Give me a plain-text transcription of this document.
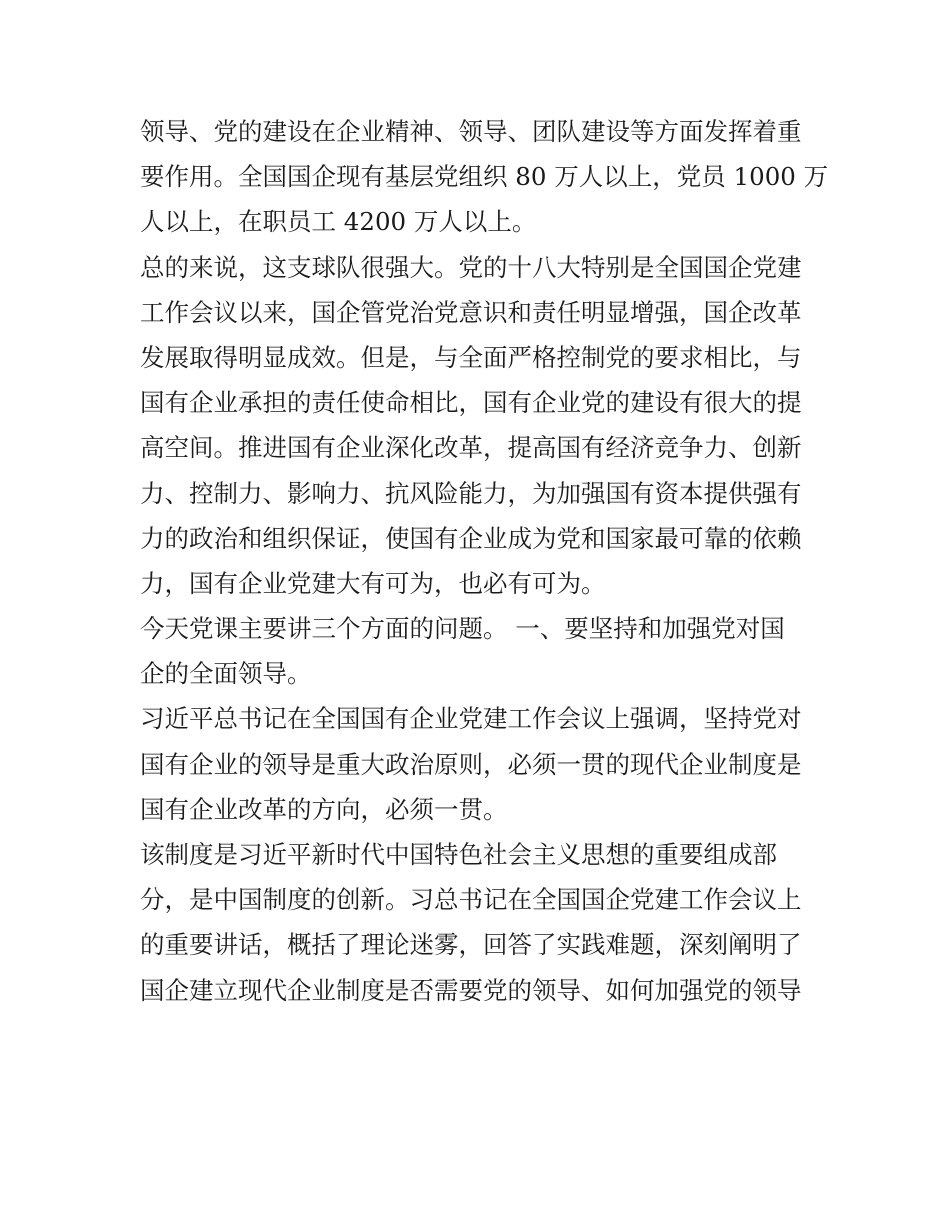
领导、党的建设在企业精神、领导、团队建设等方面发挥着重
要作用。全国国企现有基层党组织 80 万人以上，党员 1000 万
人以上，在职员工 4200 万人以上。
总的来说，这支球队很强大。党的十八大特别是全国国企党建
工作会议以来，国企管党治党意识和责任明显增强，国企改革
发展取得明显成效。但是，与全面严格控制党的要求相比，与
国有企业承担的责任使命相比，国有企业党的建设有很大的提
高空间。推进国有企业深化改革，提高国有经济竞争力、创新
力、控制力、影响力、抗风险能力，为加强国有资本提供强有
力的政治和组织保证，使国有企业成为党和国家最可靠的依赖
力，国有企业党建大有可为，也必有可为。
今天党课主要讲三个方面的问题。 一、要坚持和加强党对国
企的全面领导。
习近平总书记在全国国有企业党建工作会议上强调，坚持党对
国有企业的领导是重大政治原则，必须一贯的现代企业制度是
国有企业改革的方向，必须一贯。
该制度是习近平新时代中国特色社会主义思想的重要组成部
分，是中国制度的创新。习总书记在全国国企党建工作会议上
的重要讲话，概括了理论迷雾，回答了实践难题，深刻阐明了
国企建立现代企业制度是否需要党的领导、如何加强党的领导
